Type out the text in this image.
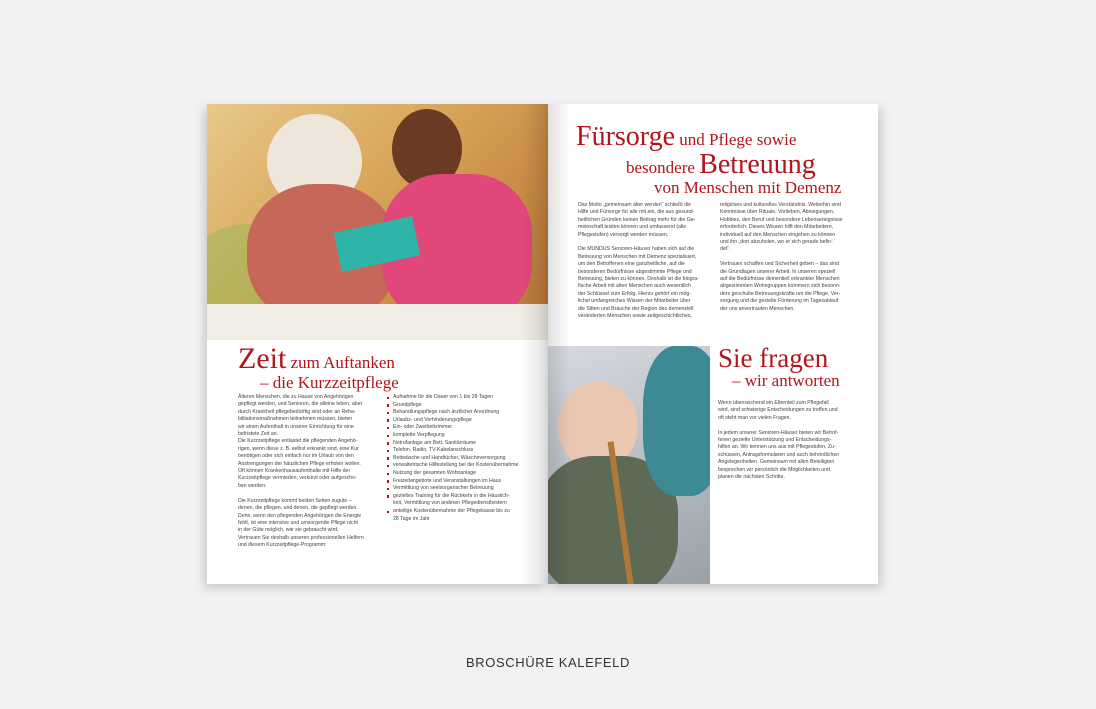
Zeit zum Auftanken
– die Kurzzeitpflege
Älteren Menschen, die zu Hause von Angehörigen
gepflegt werden, und Senioren, die alleine leben, aber
durch Krankheit pflegebedürftig sind oder an Reha-
bilitationsmaßnahmen teilnehmen müssen, bieten
wir einen Aufenthalt in unserer Einrichtung für eine
befristete Zeit an.
Die Kurzzeitpflege entlastet die pflegenden Angehö-
rigen, wenn diese z. B. selbst erkrankt sind, eine Kur
benötigen oder sich einfach nur im Urlaub von den
Anstrengungen der häuslichen Pflege erholen wollen.
Oft können Krankenhausaufenthalte mit Hilfe der
Kurzzeitpflege vermieden, verkürzt oder aufgescho-
ben werden.

Die Kurzzeitpflege kommt beiden Seiten zugute –
denen, die pflegen, und denen, die gepflegt werden.
Denn, wenn den pflegenden Angehörigen die Energie
fehlt, ist eine intensive und umsorgende Pflege nicht
in der Güte möglich, wie sie gebraucht wird.
Vertrauen Sie deshalb unseren professionellen Helfern
und diesem Kurzzeitpflege-Programm:
Aufnahme für die Dauer von 1 bis 28 Tagen
Grundpflege
Behandlungspflege nach ärztlicher Anordnung
Urlaubs- und Verhinderungspflege
Ein- oder Zweibettzimmer
komplette Verpflegung
Notrufanlage am Bett, Sanitärräume
Telefon, Radio, TV-Kabelanschluss
Bettwäsche und Handtücher, Wäscheversorgung
verwaltetrische Hilfestellung bei der Kostenübernahme
Nutzung der gesamten Wohnanlage
Freizeitangebote und Veranstaltungen im Haus
Vermittlung von seelsorgerischer Betreuung
gezieltes Training für die Rückkehr in die Häuslich-
keit, Vermittlung von anderen Pflegedienstleistern
anteilige Kostenübernahme der Pflegekasse bis zu
28 Tage im Jahr
Fürsorge und Pflege sowie
besondere Betreuung
von Menschen mit Demenz
Das Motto „gemeinsam älter werden“ schließt die
Hilfe und Fürsorge für alle mit ein, die aus gesund-
heitlichen Gründen keinen Beitrag mehr für die Ge-
meinschaft leisten können und umfassend (alle
Pflegestufen) versorgt werden müssen.

Die MUNDUS Senioren-Häuser haben sich auf die
Betreuung von Menschen mit Demenz spezialisiert,
um den Betroffenen eine ganzheitliche, auf die
besonderen Bedürfnisse abgestimmte Pflege und
Betreuung, bieten zu können. Deshalb ist die biogra-
fische Arbeit mit alten Menschen auch wesentlich
der Schlüssel zum Erfolg. Hierzu gehört ein mög-
lichst umfangreiches Wissen der Mitarbeiter über
die Sitten und Bräuche der Region des demenziell
veränderten Menschen sowie zeitgeschichtliches,
religiöses und kulturelles Verständnis. Weiterhin sind
Kenntnisse über Rituale, Vorlieben, Abneigungen,
Hobbies, den Beruf und besondere Lebensereignisse
erforderlich. Dieses Wissen hilft den Mitarbeitern,
individuell auf den Menschen eingehen zu können
und ihn „dort abzuholen, wo er sich gerade befin-
det“.

Vertrauen schaffen und Sicherheit geben – das sind
die Grundlagen unserer Arbeit. In unseren speziell
auf die Bedürfnisse dementiell erkrankter Menschen
abgestimmten Wohngruppen kümmern sich besonn-
ders geschulte Betreuungskräfte um die Pflege, Ver-
sorgung und die gezielte Förderung im Tagesablauf
der uns anvertrauten Menschen.
Sie fragen
– wir antworten
Wenn überraschend ein Elternteil zum Pflegefall
wird, sind schwierige Entscheidungen zu treffen und
oft steht man vor vielen Fragen.

In jedem unserer Senioren-Häuser bieten wir Betrof-
fenen gezielte Unterstützung und Entscheidungs-
hilfen an. Wir kennen uns aus mit Pflegestufen, Zu-
schüssen, Antragsformularen und auch behördlichen
Angelegenheiten. Gemeinsam mit allen Beteiligten
besprechen wir persönlich die Möglichkeiten und
planen die nächsten Schritte.
BROSCHÜRE KALEFELD
